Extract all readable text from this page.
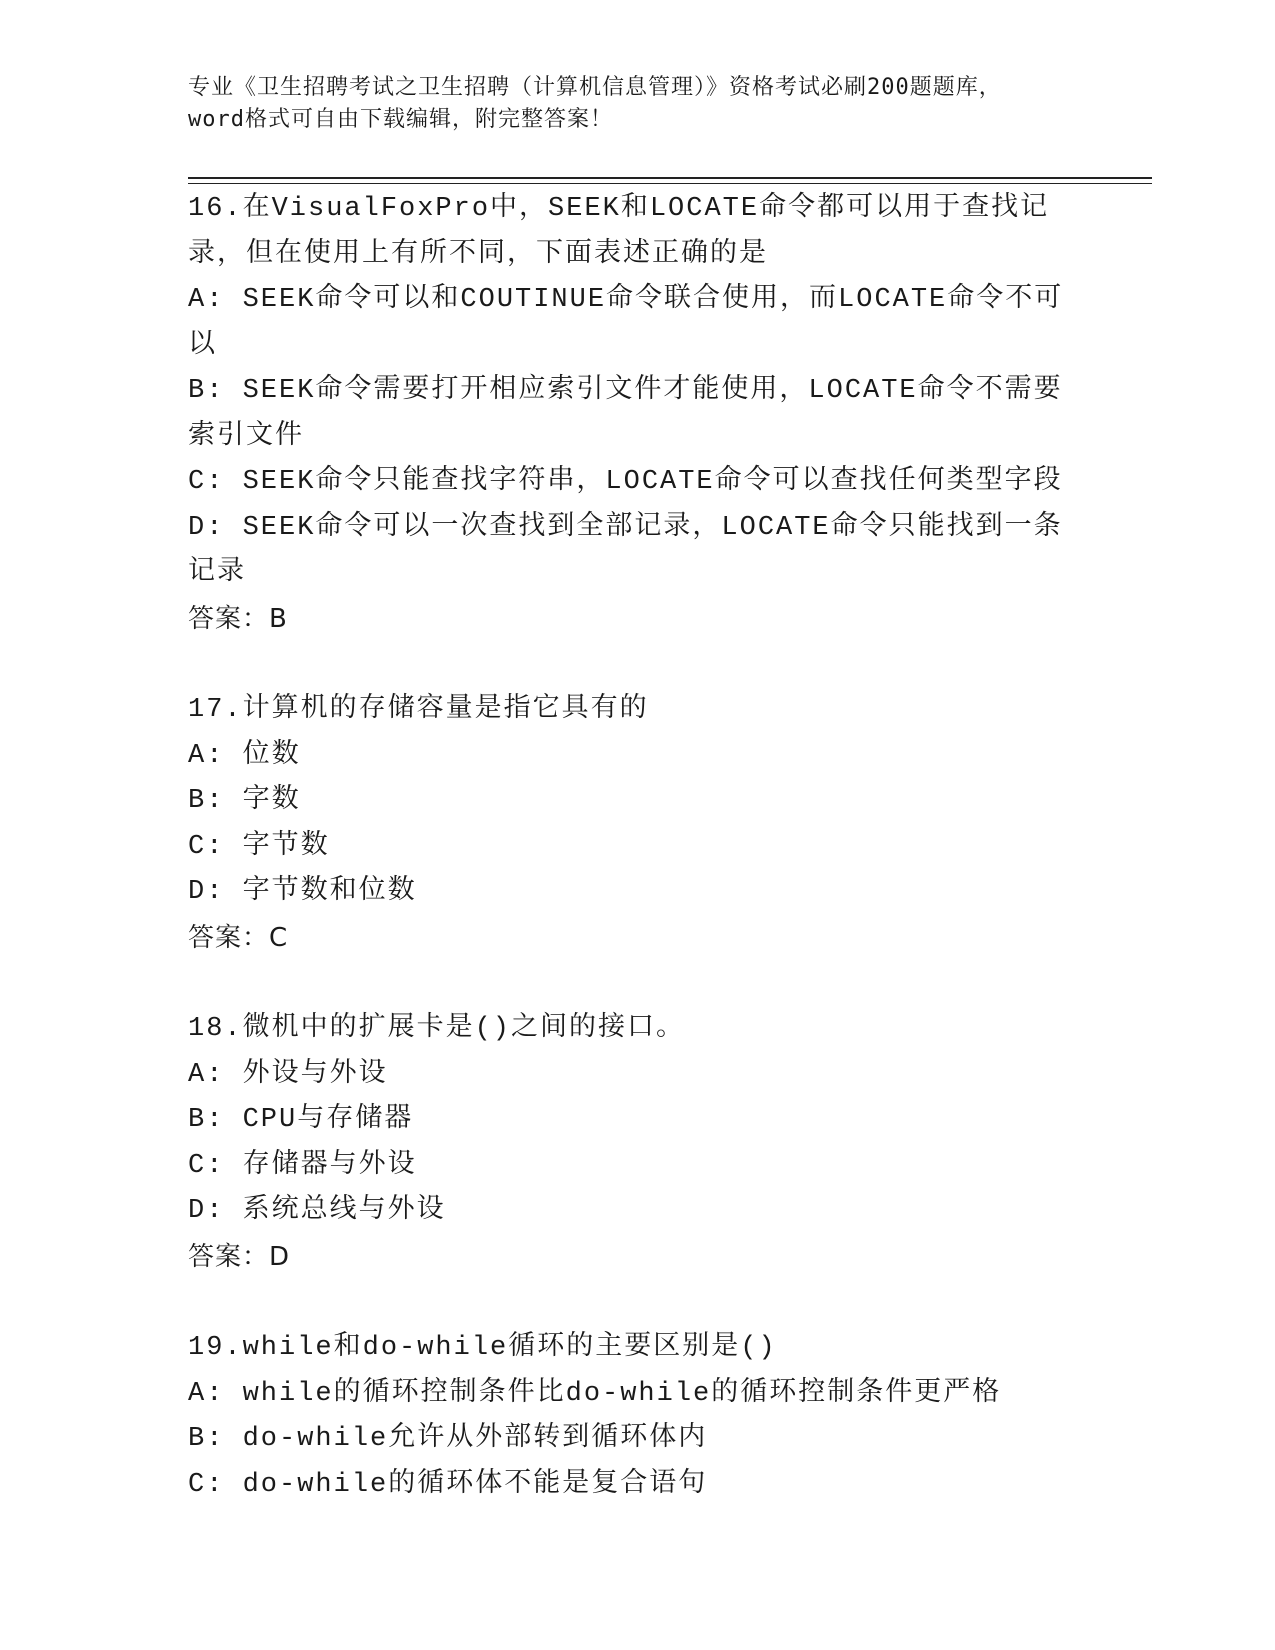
专业《卫生招聘考试之卫生招聘（计算机信息管理）》资格考试必刷200题题库，
word格式可自由下载编辑，附完整答案！
16.在VisualFoxPro中，SEEK和LOCATE命令都可以用于查找记录，但在使用上有所不同，下面表述正确的是
A: SEEK命令可以和COUTINUE命令联合使用，而LOCATE命令不可以
B: SEEK命令需要打开相应索引文件才能使用，LOCATE命令不需要索引文件
C: SEEK命令只能查找字符串，LOCATE命令可以查找任何类型字段
D: SEEK命令可以一次查找到全部记录，LOCATE命令只能找到一条记录
答案：B
17.计算机的存储容量是指它具有的
A: 位数
B: 字数
C: 字节数
D: 字节数和位数
答案：C
18.微机中的扩展卡是()之间的接口。
A: 外设与外设
B: CPU与存储器
C: 存储器与外设
D: 系统总线与外设
答案：D
19.while和do-while循环的主要区别是()
A: while的循环控制条件比do-while的循环控制条件更严格
B: do-while允许从外部转到循环体内
C: do-while的循环体不能是复合语句
